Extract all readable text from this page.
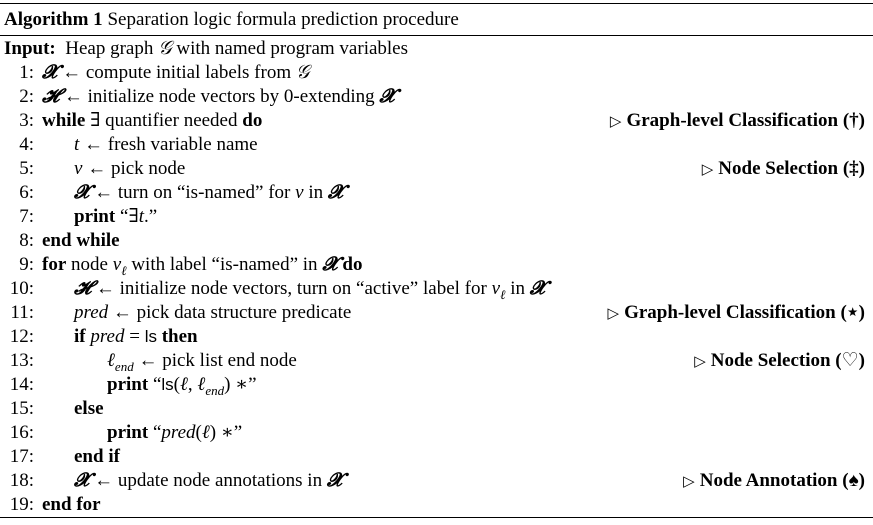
Algorithm 1 Separation logic formula prediction procedure
Input:  Heap graph 𝒢 with named program variables
1: 𝓧 ← compute initial labels from 𝒢
2: 𝓗 ← initialize node vectors by 0-extending 𝓧
3: while ∃ quantifier needed do	▷ Graph-level Classification (†)
4: t ← fresh variable name
5: v ← pick node	▷ Node Selection (‡)
6: 𝓧 ← turn on “is-named” for v in 𝓧
7: print “∃t.”
8: end while
9: for node $v_\ell$ with label “is-named” in 𝓧 do
10: 𝓗 ← initialize node vectors, turn on “active” label for $v_\ell$ in 𝓧
11: pred ← pick data structure predicate	▷ Graph-level Classification (⋆)
12: if pred = ls then
13:	ℓ$_{end}$ ← pick list end node	▷ Node Selection (♡)
14:	print “ls(ℓ, ℓ$_{end}$) ∗”
15: else
16:	print “pred(ℓ) ∗”
17: end if
18: 𝓧 ← update node annotations in 𝓧	▷ Node Annotation (♠)
19: end for
